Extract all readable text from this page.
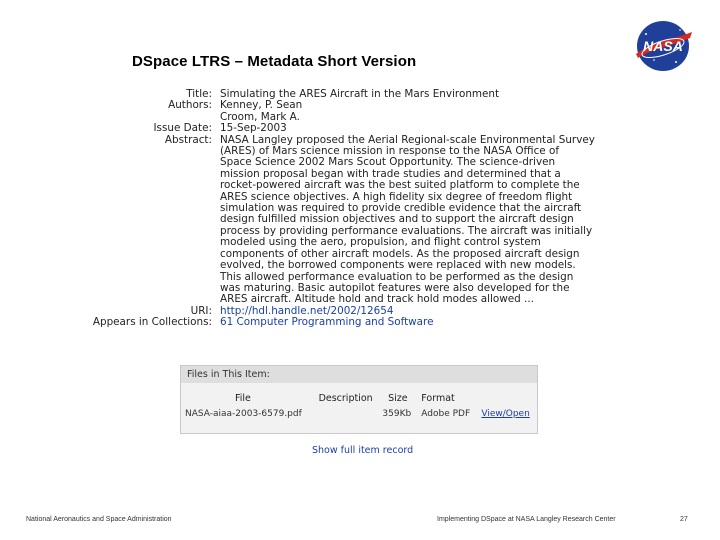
DSpace LTRS – Metadata Short Version
NASA
Title: Simulating the ARES Aircraft in the Mars Environment
Authors: Kenney, P. Sean
Croom, Mark A.
Issue Date: 15-Sep-2003
Abstract: NASA Langley proposed the Aerial Regional-scale Environmental Survey
(ARES) of Mars science mission in response to the NASA Office of
Space Science 2002 Mars Scout Opportunity. The science-driven
mission proposal began with trade studies and determined that a
rocket-powered aircraft was the best suited platform to complete the
ARES science objectives. A high fidelity six degree of freedom flight
simulation was required to provide credible evidence that the aircraft
design fulfilled mission objectives and to support the aircraft design
process by providing performance evaluations. The aircraft was initially
modeled using the aero, propulsion, and flight control system
components of other aircraft models. As the proposed aircraft design
evolved, the borrowed components were replaced with new models.
This allowed performance evaluation to be performed as the design
was maturing. Basic autopilot features were also developed for the
ARES aircraft. Altitude hold and track hold modes allowed ...
URI: http://hdl.handle.net/2002/12654
Appears in Collections: 61 Computer Programming and Software
Files in This Item:
File	Description	Size	Format	
NASA-aiaa-2003-6579.pdf		359Kb	Adobe PDF	View/Open
Show full item record
National Aeronautics and Space Administration	Implementing DSpace at NASA Langley Research Center	27
